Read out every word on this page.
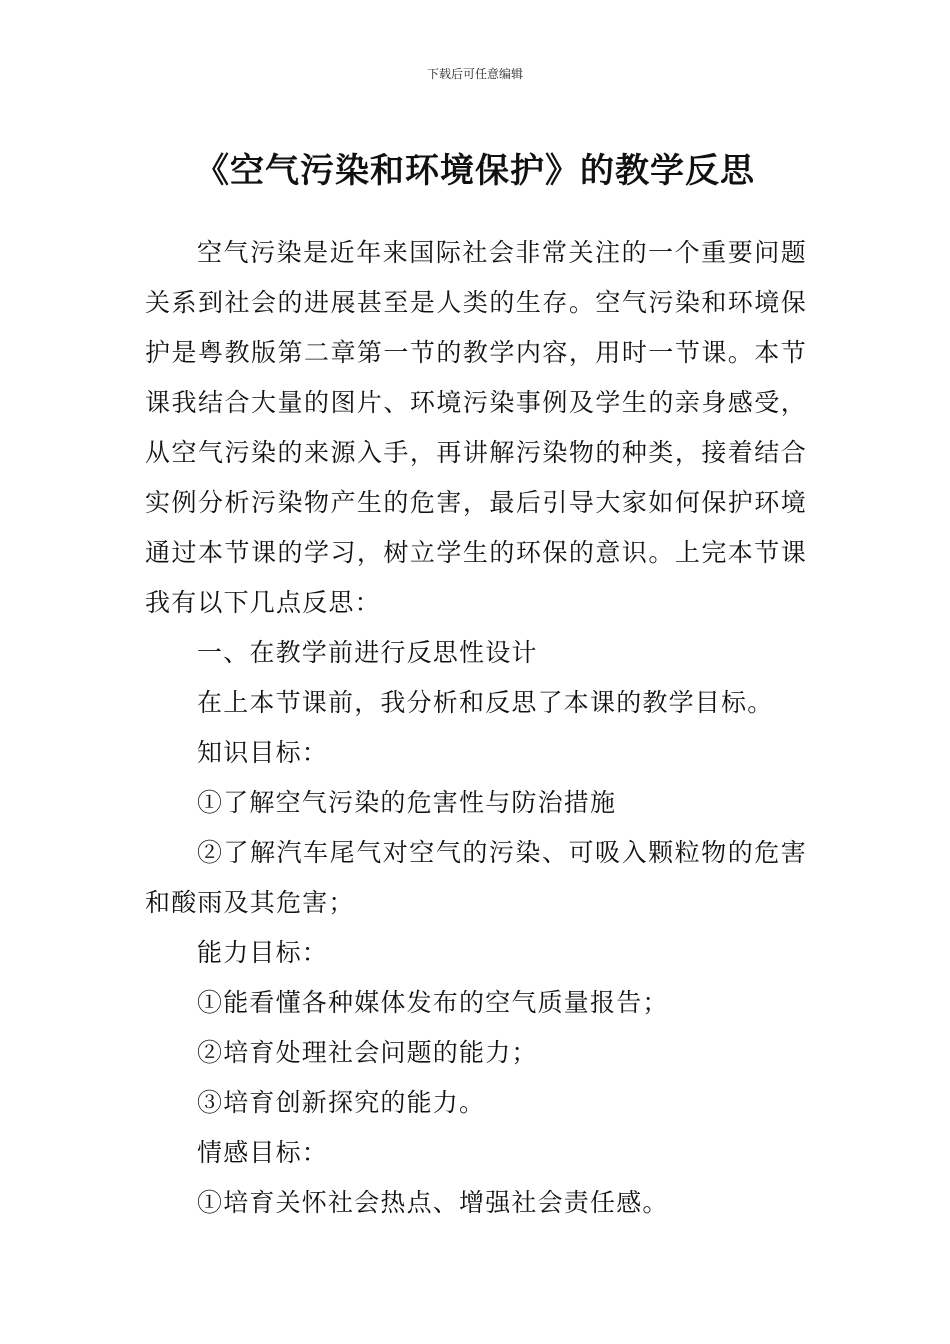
下载后可任意编辑
《空气污染和环境保护》的教学反思

空气污染是近年来国际社会非常关注的一个重要问题关系到社会的进展甚至是人类的生存。空气污染和环境保护是粤教版第二章第一节的教学内容，用时一节课。本节课我结合大量的图片、环境污染事例及学生的亲身感受，从空气污染的来源入手，再讲解污染物的种类，接着结合实例分析污染物产生的危害，最后引导大家如何保护环境通过本节课的学习，树立学生的环保的意识。上完本节课我有以下几点反思：

一、在教学前进行反思性设计

在上本节课前，我分析和反思了本课的教学目标。

知识目标：

①了解空气污染的危害性与防治措施

②了解汽车尾气对空气的污染、可吸入颗粒物的危害和酸雨及其危害；

能力目标：

①能看懂各种媒体发布的空气质量报告；

②培育处理社会问题的能力；

③培育创新探究的能力。

情感目标：

①培育关怀社会热点、增强社会责任感。
